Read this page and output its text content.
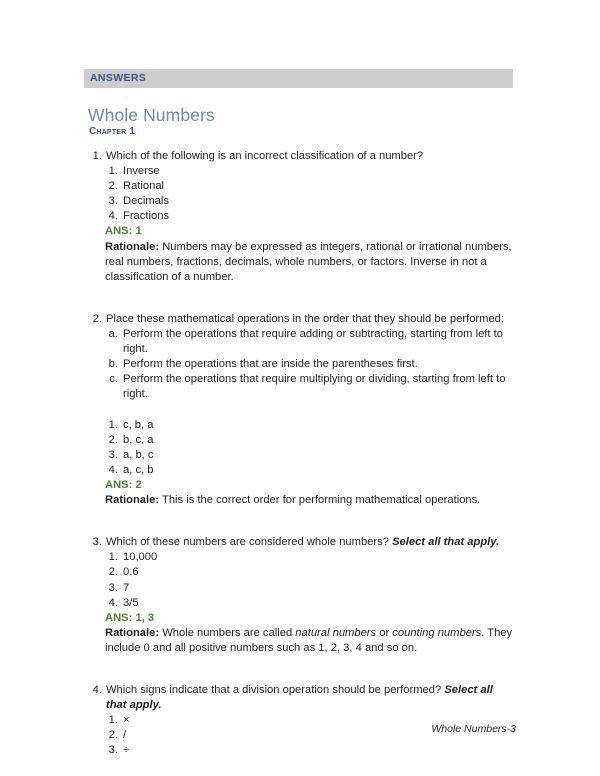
ANSWERS
Whole Numbers
Chapter 1
1. Which of the following is an incorrect classification of a number?
1. Inverse
2. Rational
3. Decimals
4. Fractions
ANS: 1
Rationale: Numbers may be expressed as integers, rational or irrational numbers, real numbers, fractions, decimals, whole numbers, or factors. Inverse in not a classification of a number.
2. Place these mathematical operations in the order that they should be performed:
a. Perform the operations that require adding or subtracting, starting from left to right.
b. Perform the operations that are inside the parentheses first.
c. Perform the operations that require multiplying or dividing, starting from left to right.
1. c, b, a
2. b, c, a
3. a, b, c
4. a, c, b
ANS: 2
Rationale: This is the correct order for performing mathematical operations.
3. Which of these numbers are considered whole numbers? Select all that apply.
1. 10,000
2. 0.6
3. 7
4. 3/5
ANS: 1, 3
Rationale: Whole numbers are called natural numbers or counting numbers. They include 0 and all positive numbers such as 1, 2, 3, 4 and so on.
4. Which signs indicate that a division operation should be performed? Select all that apply.
1. ×
2. /
3. ÷
Whole Numbers-3
